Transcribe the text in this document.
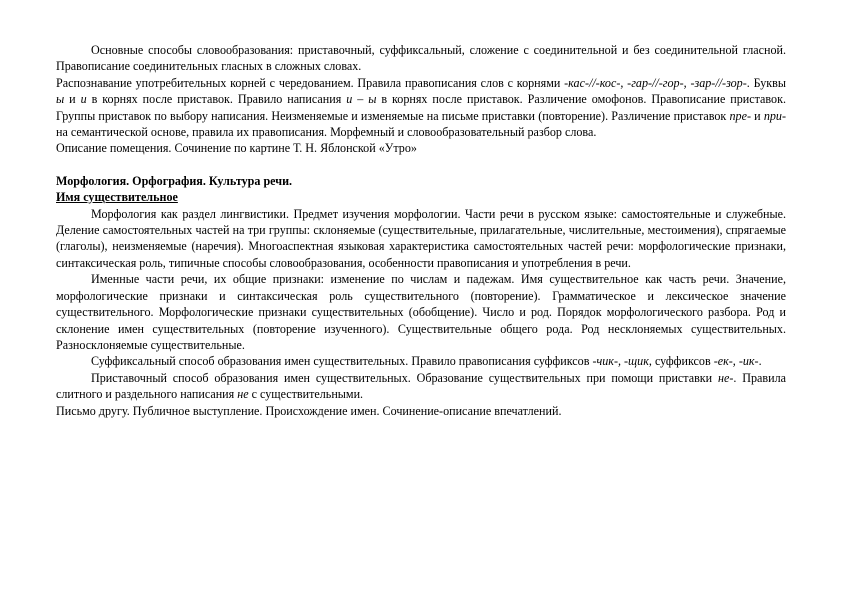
Основные способы словообразования: приставочный, суффиксальный, сложение с соединительной и без соединительной гласной. Правописание соединительных гласных в сложных словах.

Распознавание употребительных корней с чередованием. Правила правописания слов с корнями -кас-//-кос-, -гар-//-гор-, -зар-//-зор-. Буквы ы и и в корнях после приставок. Правило написания и – ы в корнях после приставок. Различение омофонов. Правописание приставок. Группы приставок по выбору написания. Неизменяемые и изменяемые на письме приставки (повторение). Различение приставок пре- и при- на семантической основе, правила их правописания. Морфемный и словообразовательный разбор слова.

Описание помещения. Сочинение по картине Т. Н. Яблонской «Утро»

Морфология. Орфография. Культура речи.

Имя существительное

Морфология как раздел лингвистики. Предмет изучения морфологии. Части речи в русском языке: самостоятельные и служебные. Деление самостоятельных частей на три группы: склоняемые (существительные, прилагательные, числительные, местоимения), спрягаемые (глаголы), неизменяемые (наречия). Многоаспектная языковая характеристика самостоятельных частей речи: морфологические признаки, синтаксическая роль, типичные способы словообразования, особенности правописания и употребления в речи.

Именные части речи, их общие признаки: изменение по числам и падежам. Имя существительное как часть речи. Значение, морфологические признаки и синтаксическая роль существительного (повторение). Грамматическое и лексическое значение существительного. Морфологические признаки существительных (обобщение). Число и род. Порядок морфологического разбора. Род и склонение имен существительных (повторение изученного). Существительные общего рода. Род несклоняемых существительных. Разносклоняемые существительные.

Суффиксальный способ образования имен существительных. Правило правописания суффиксов -чик-, -щик, суффиксов -ек-, -ик-.

Приставочный способ образования имен существительных. Образование существительных при помощи приставки не-. Правила слитного и раздельного написания не с существительными.

Письмо другу. Публичное выступление. Происхождение имен. Сочинение-описание впечатлений.
